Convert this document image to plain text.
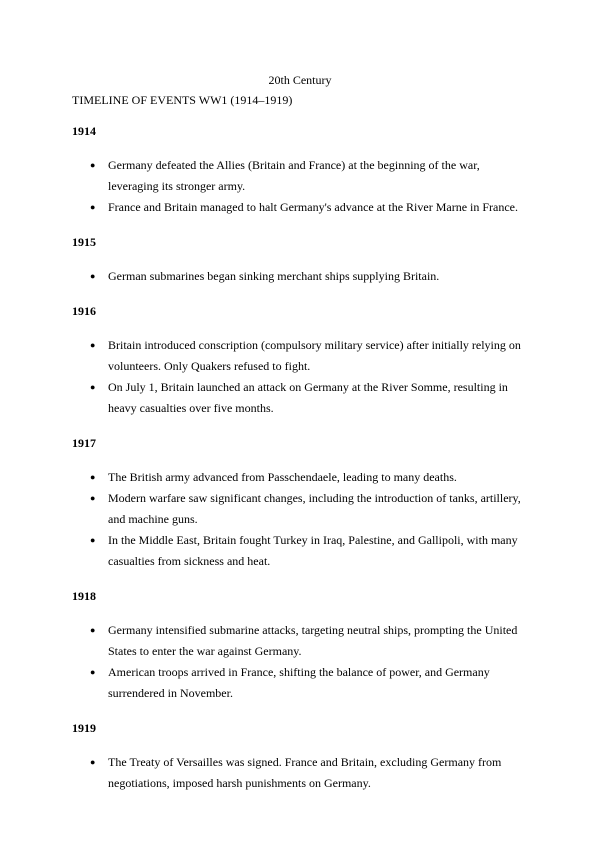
20th Century
TIMELINE OF EVENTS WW1 (1914–1919)
1914
● Germany defeated the Allies (Britain and France) at the beginning of the war, leveraging its stronger army.
● France and Britain managed to halt Germany's advance at the River Marne in France.
1915
● German submarines began sinking merchant ships supplying Britain.
1916
● Britain introduced conscription (compulsory military service) after initially relying on volunteers. Only Quakers refused to fight.
● On July 1, Britain launched an attack on Germany at the River Somme, resulting in heavy casualties over five months.
1917
● The British army advanced from Passchendaele, leading to many deaths.
● Modern warfare saw significant changes, including the introduction of tanks, artillery, and machine guns.
● In the Middle East, Britain fought Turkey in Iraq, Palestine, and Gallipoli, with many casualties from sickness and heat.
1918
● Germany intensified submarine attacks, targeting neutral ships, prompting the United States to enter the war against Germany.
● American troops arrived in France, shifting the balance of power, and Germany surrendered in November.
1919
● The Treaty of Versailles was signed. France and Britain, excluding Germany from negotiations, imposed harsh punishments on Germany.
